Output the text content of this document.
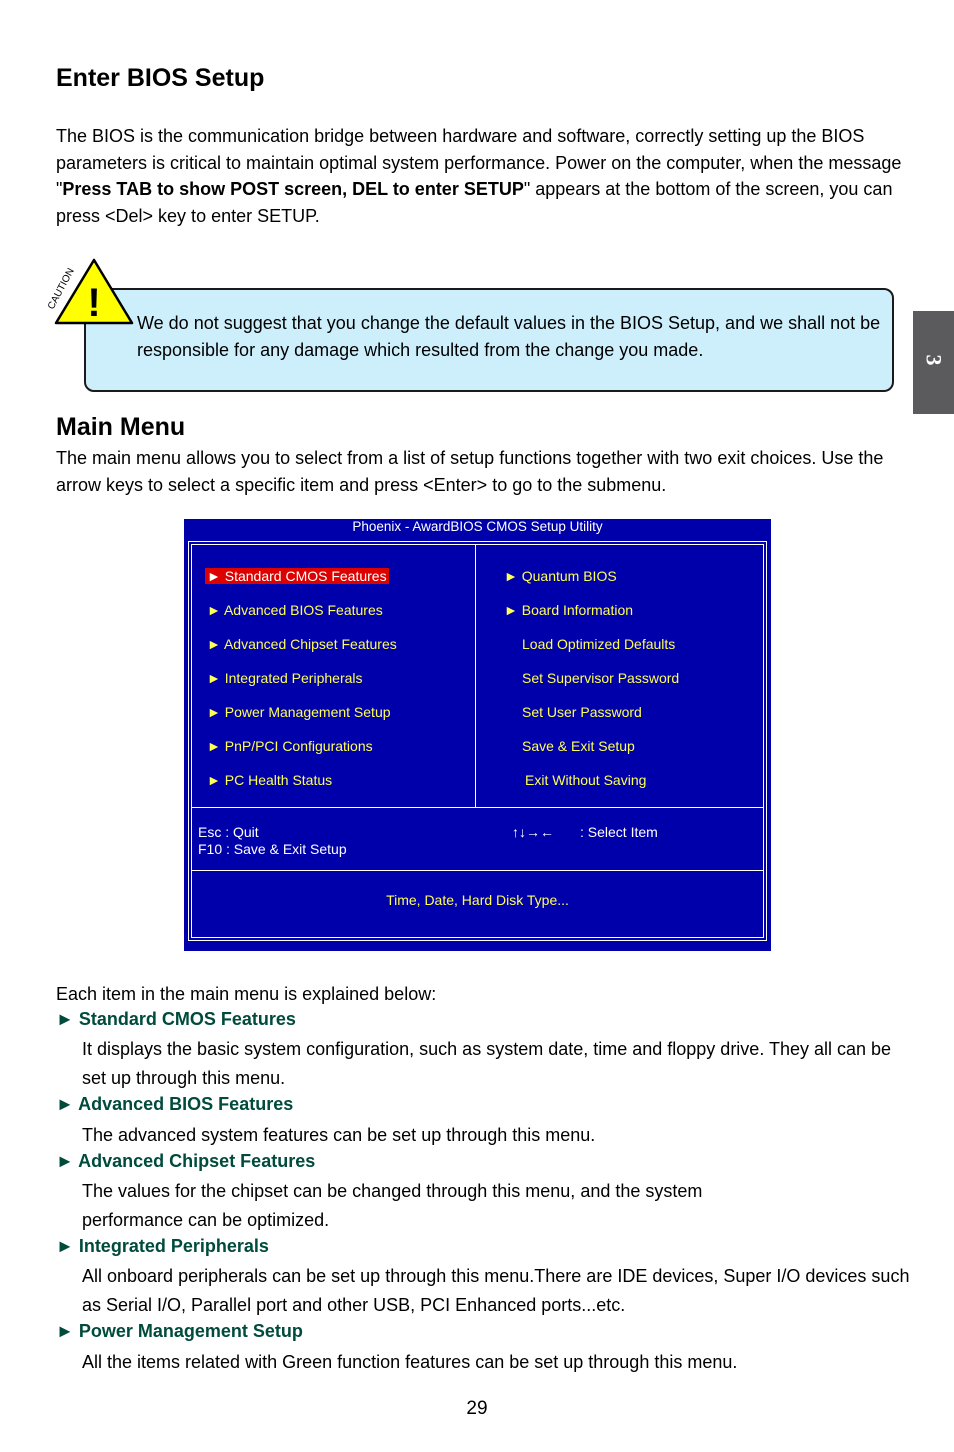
3
Enter BIOS Setup

The BIOS is the communication bridge between hardware and software, correctly setting up the BIOS parameters is critical to maintain optimal system performance. Power on the computer, when the message "Press TAB to show POST screen, DEL to enter SETUP" appears at the bottom of the screen, you can press <Del> key to enter SETUP.

!
CAUTION

We do not suggest that you change the default values in the BIOS Setup, and we shall not be responsible for any damage which resulted from the change you made.

Main Menu

The main menu allows you to select from a list of setup functions together with two exit choices. Use the arrow keys to select a specific item and press <Enter> to go to the submenu.

Phoenix - AwardBIOS CMOS Setup Utility
► Standard CMOS Features
► Advanced BIOS Features
► Advanced Chipset Features
► Integrated Peripherals
► Power Management Setup
► PnP/PCI Configurations
► PC Health Status
► Quantum BIOS
► Board Information
Load Optimized Defaults
Set Supervisor Password
Set User Password
Save & Exit Setup
Exit Without Saving
Esc : Quit
F10 : Save & Exit Setup
↑↓→← : Select Item
Time, Date, Hard Disk Type...

Each item in the main menu is explained below:

► Standard CMOS Features

It displays the basic system configuration, such as system date, time and floppy drive. They all can be set up through this menu.

► Advanced BIOS Features

The advanced system features can be set up through this menu.

► Advanced Chipset Features

The values for the chipset can be changed through this menu, and the system performance can be optimized.

► Integrated Peripherals

All onboard peripherals can be set up through this menu.There are IDE devices, Super I/O devices such as Serial I/O, Parallel port and other USB, PCI Enhanced ports...etc.

► Power Management Setup

All the items related with Green function features can be set up through this menu.

29
